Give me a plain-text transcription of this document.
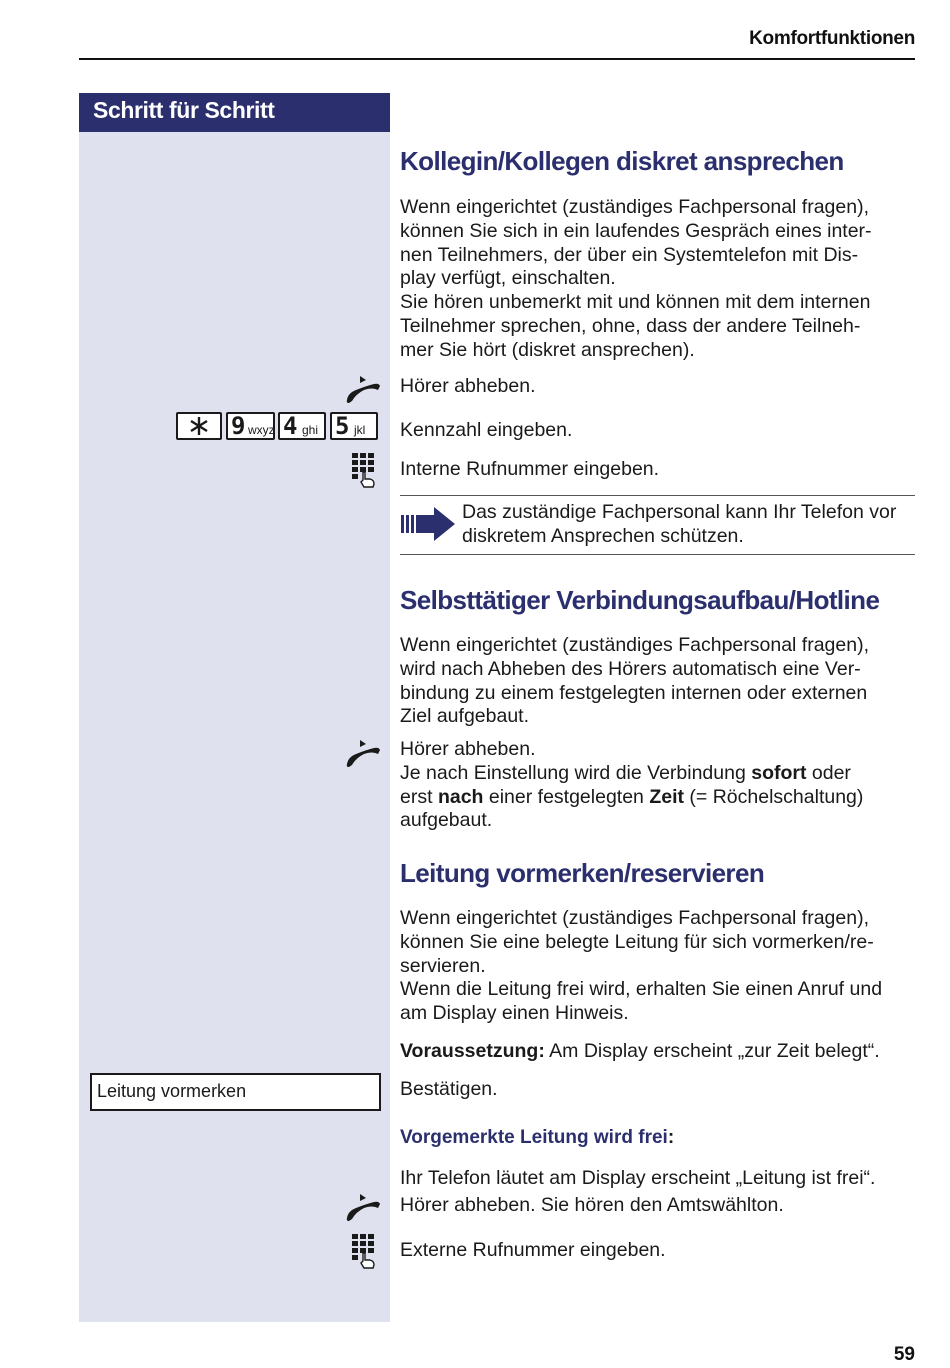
Komfortfunktionen
Schritt für Schritt
Kollegin/Kollegen diskret ansprechen
Wenn eingerichtet (zuständiges Fachpersonal fragen),
können Sie sich in ein laufendes Gespräch eines inter-
nen Teilnehmers, der über ein Systemtelefon mit Dis-
play verfügt, einschalten.
Sie hören unbemerkt mit und können mit dem internen
Teilnehmer sprechen, ohne, dass der andere Teilneh-
mer Sie hört (diskret ansprechen).
Hörer abheben.
9 wxyz 4 ghi 5 jkl Kennzahl eingeben.
Interne Rufnummer eingeben.
Das zuständige Fachpersonal kann Ihr Telefon vor
diskretem Ansprechen schützen.
Selbsttätiger Verbindungsaufbau/Hotline
Wenn eingerichtet (zuständiges Fachpersonal fragen),
wird nach Abheben des Hörers automatisch eine Ver-
bindung zu einem festgelegten internen oder externen
Ziel aufgebaut.
Hörer abheben.
Je nach Einstellung wird die Verbindung sofort oder
erst nach einer festgelegten Zeit (= Röchelschaltung)
aufgebaut.
Leitung vormerken/reservieren
Wenn eingerichtet (zuständiges Fachpersonal fragen),
können Sie eine belegte Leitung für sich vormerken/re-
servieren.
Wenn die Leitung frei wird, erhalten Sie einen Anruf und
am Display einen Hinweis.
Voraussetzung: Am Display erscheint „zur Zeit belegt“.
Leitung vormerken	Bestätigen.
Vorgemerkte Leitung wird frei:
Ihr Telefon läutet am Display erscheint „Leitung ist frei“.
Hörer abheben. Sie hören den Amtswählton.
Externe Rufnummer eingeben.
59
